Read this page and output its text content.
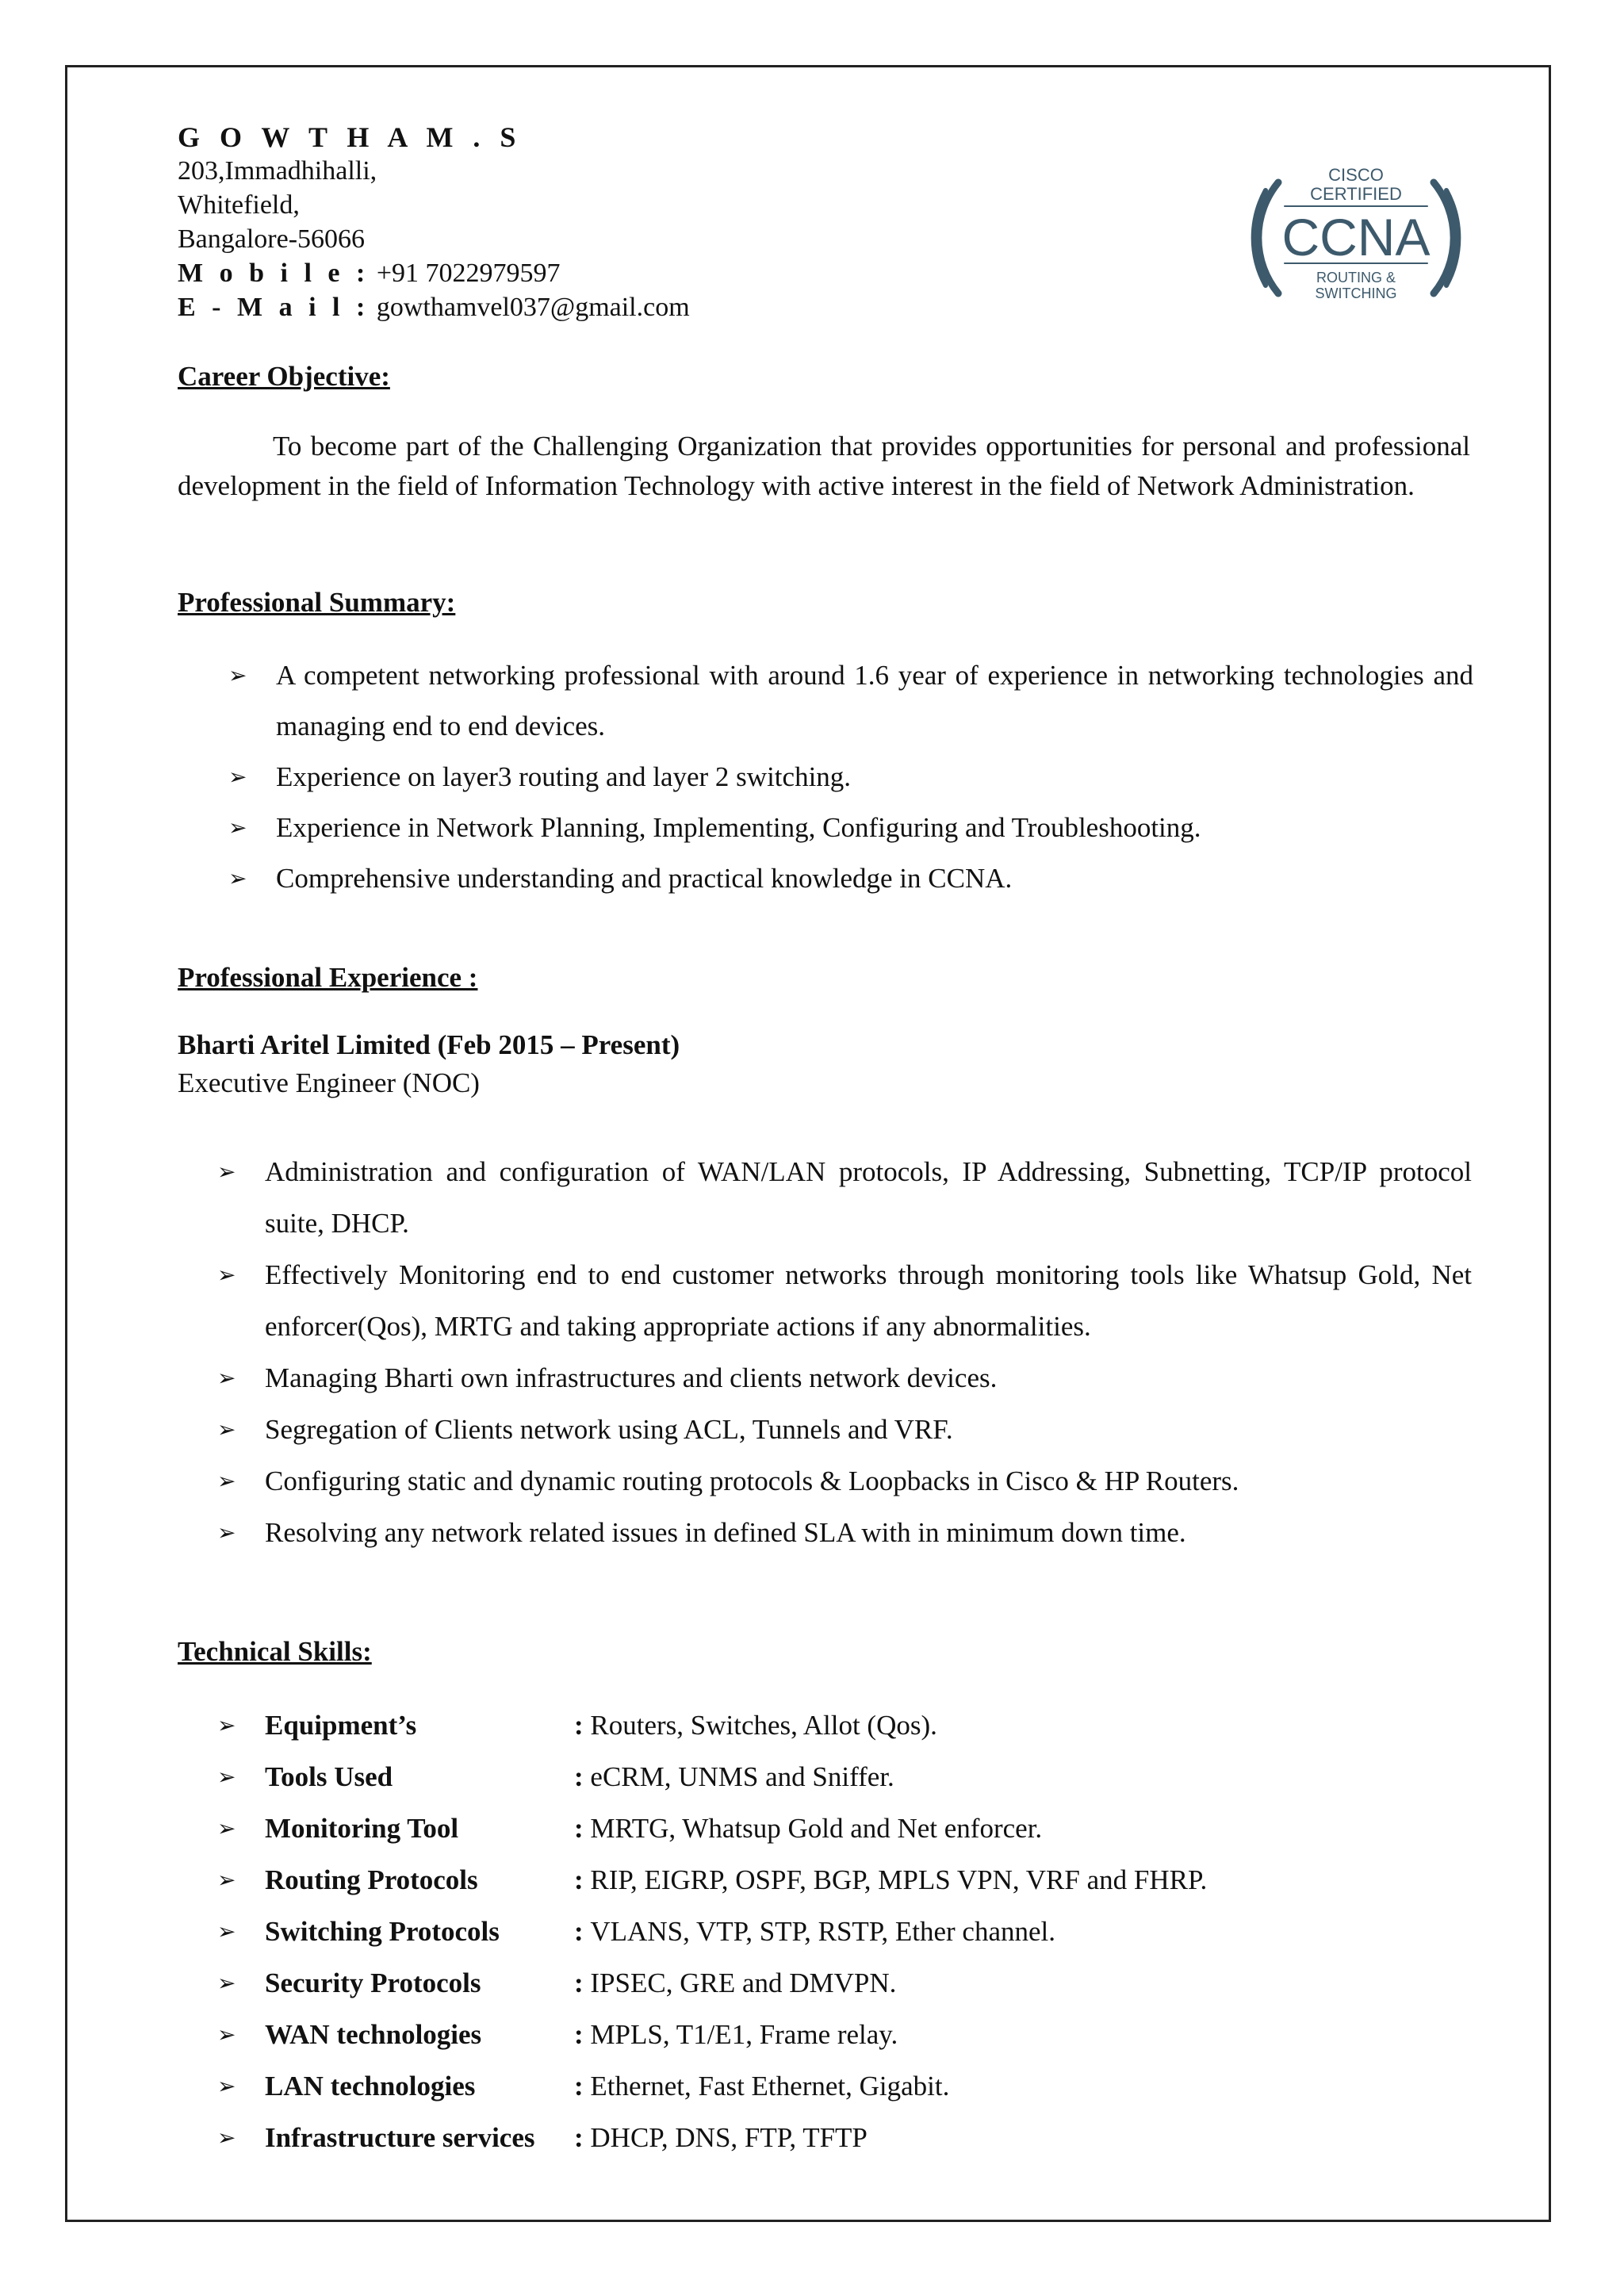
G O W T H A M . S
203,Immadhihalli,
Whitefield,
Bangalore-56066
M o b i l e : +91 7022979597
E - M a i l : gowthamvel037@gmail.com
CISCO
CERTIFIED
CCNA
ROUTING &
SWITCHING
Career Objective:
To become part of the Challenging Organization that provides opportunities for personal and professional development in the field of Information Technology with active interest in the field of Network Administration.
Professional Summary:
➢ A competent networking professional with around 1.6 year of experience in networking technologies and managing end to end devices.
➢ Experience on layer3 routing and layer 2 switching.
➢ Experience in Network Planning, Implementing, Configuring and Troubleshooting.
➢ Comprehensive understanding and practical knowledge in CCNA.
Professional Experience :
Bharti Aritel Limited (Feb 2015 – Present)
Executive Engineer (NOC)
➢ Administration and configuration of WAN/LAN protocols, IP Addressing, Subnetting, TCP/IP protocol suite, DHCP.
➢ Effectively Monitoring end to end customer networks through monitoring tools like Whatsup Gold, Net enforcer(Qos), MRTG and taking appropriate actions if any abnormalities.
➢ Managing Bharti own infrastructures and clients network devices.
➢ Segregation of Clients network using ACL, Tunnels and VRF.
➢ Configuring static and dynamic routing protocols & Loopbacks in Cisco & HP Routers.
➢ Resolving any network related issues in defined SLA with in minimum down time.
Technical Skills:
➢ Equipment’s	: Routers, Switches, Allot (Qos).
➢ Tools Used	: eCRM, UNMS and Sniffer.
➢ Monitoring Tool	: MRTG, Whatsup Gold and Net enforcer.
➢ Routing Protocols	: RIP, EIGRP, OSPF, BGP, MPLS VPN, VRF and FHRP.
➢ Switching Protocols	: VLANS, VTP, STP, RSTP, Ether channel.
➢ Security Protocols	: IPSEC, GRE and DMVPN.
➢ WAN technologies	: MPLS, T1/E1, Frame relay.
➢ LAN technologies	: Ethernet, Fast Ethernet, Gigabit.
➢ Infrastructure services : DHCP, DNS, FTP, TFTP
